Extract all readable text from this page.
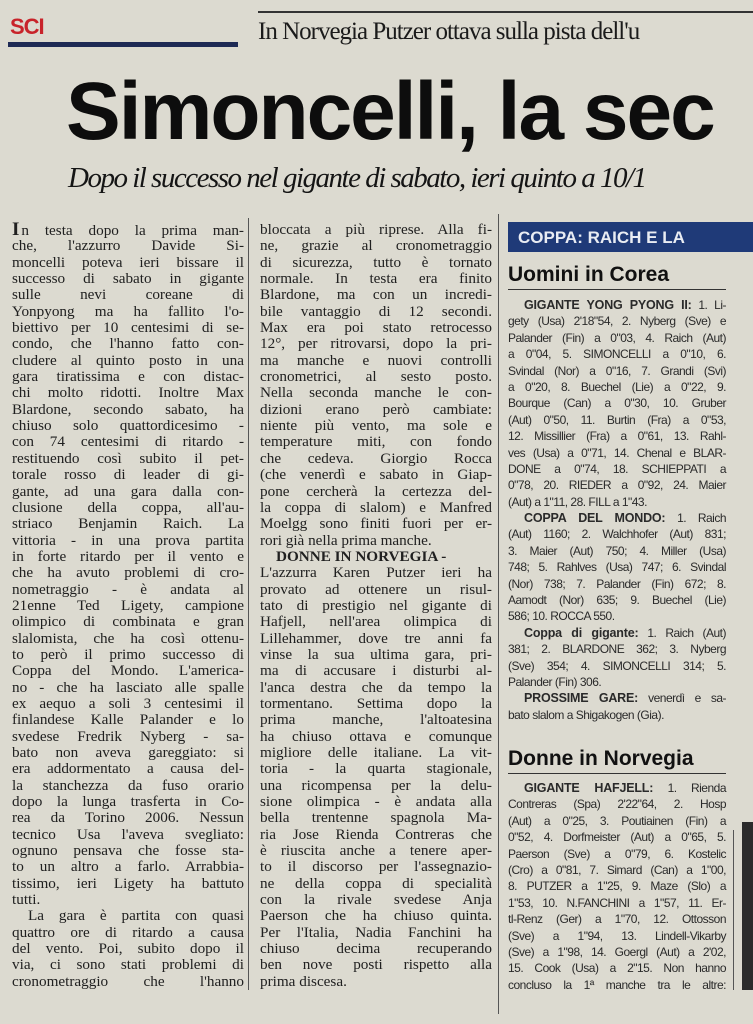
SCI	In Norvegia Putzer ottava sulla pista dell'u
Simoncelli, la sec
Dopo il successo nel gigante di sabato, ieri quinto a 10/1
I n testa dopo la prima man-
che, l'azzurro Davide Si-
moncelli poteva ieri bissare il
successo di sabato in gigante
sulle nevi coreane di
Yonpyong ma ha fallito l'o-
biettivo per 10 centesimi di se-
condo, che l'hanno fatto con-
cludere al quinto posto in una
gara tiratissima e con distac-
chi molto ridotti. Inoltre Max
Blardone, secondo sabato, ha
chiuso solo quattordicesimo -
con 74 centesimi di ritardo -
restituendo così subito il pet-
torale rosso di leader di gi-
gante, ad una gara dalla con-
clusione della coppa, all'au-
striaco Benjamin Raich. La
vittoria - in una prova partita
in forte ritardo per il vento e
che ha avuto problemi di cro-
nometraggio - è andata al
21enne Ted Ligety, campione
olimpico di combinata e gran
slalomista, che ha così ottenu-
to però il primo successo di
Coppa del Mondo. L'america-
no - che ha lasciato alle spalle
ex aequo a soli 3 centesimi il
finlandese Kalle Palander e lo
svedese Fredrik Nyberg - sa-
bato non aveva gareggiato: si
era addormentato a causa del-
la stanchezza da fuso orario
dopo la lunga trasferta in Co-
rea da Torino 2006. Nessun
tecnico Usa l'aveva svegliato:
ognuno pensava che fosse sta-
to un altro a farlo. Arrabbia-
tissimo, ieri Ligety ha battuto
tutti.
La gara è partita con quasi
quattro ore di ritardo a causa
del vento. Poi, subito dopo il
via, ci sono stati problemi di
cronometraggio che l'hanno
bloccata a più riprese. Alla fi-
ne, grazie al cronometraggio
di sicurezza, tutto è tornato
normale. In testa era finito
Blardone, ma con un incredi-
bile vantaggio di 12 secondi.
Max era poi stato retrocesso
12°, per ritrovarsi, dopo la pri-
ma manche e nuovi controlli
cronometrici, al sesto posto.
Nella seconda manche le con-
dizioni erano però cambiate:
niente più vento, ma sole e
temperature miti, con fondo
che cedeva. Giorgio Rocca
(che venerdì e sabato in Giap-
pone cercherà la certezza del-
la coppa di slalom) e Manfred
Moelgg sono finiti fuori per er-
rori già nella prima manche.
DONNE IN NORVEGIA -
L'azzurra Karen Putzer ieri ha
provato ad ottenere un risul-
tato di prestigio nel gigante di
Hafjell, nell'area olimpica di
Lillehammer, dove tre anni fa
vinse la sua ultima gara, pri-
ma di accusare i disturbi al-
l'anca destra che da tempo la
tormentano. Settima dopo la
prima manche, l'altoatesina
ha chiuso ottava e comunque
migliore delle italiane. La vit-
toria - la quarta stagionale,
una ricompensa per la delu-
sione olimpica - è andata alla
bella trentenne spagnola Ma-
ria Jose Rienda Contreras che
è riuscita anche a tenere aper-
to il discorso per l'assegnazio-
ne della coppa di specialità
con la rivale svedese Anja
Paerson che ha chiuso quinta.
Per l'Italia, Nadia Fanchini ha
chiuso decima recuperando
ben nove posti rispetto alla
prima discesa.
COPPA: RAICH E LA
Uomini in Corea
GIGANTE YONG PYONG II: 1. Li-
gety (Usa) 2'18"54, 2. Nyberg (Sve) e
Palander (Fin) a 0"03, 4. Raich (Aut)
a 0"04, 5. SIMONCELLI a 0"10, 6.
Svindal (Nor) a 0"16, 7. Grandi (Svi)
a 0"20, 8. Buechel (Lie) a 0"22, 9.
Bourque (Can) a 0"30, 10. Gruber
(Aut) 0"50, 11. Burtin (Fra) a 0"53,
12. Missillier (Fra) a 0"61, 13. Rahl-
ves (Usa) a 0"71, 14. Chenal e BLAR-
DONE a 0"74, 18. SCHIEPPATI a
0"78, 20. RIEDER a 0"92, 24. Maier
(Aut) a 1"11, 28. FILL a 1"43.
COPPA DEL MONDO: 1. Raich
(Aut) 1160; 2. Walchhofer (Aut) 831;
3. Maier (Aut) 750; 4. Miller (Usa)
748; 5. Rahlves (Usa) 747; 6. Svindal
(Nor) 738; 7. Palander (Fin) 672; 8.
Aamodt (Nor) 635; 9. Buechel (Lie)
586; 10. ROCCA 550.
Coppa di gigante: 1. Raich (Aut)
381; 2. BLARDONE 362; 3. Nyberg
(Sve) 354; 4. SIMONCELLI 314; 5.
Palander (Fin) 306.
PROSSIME GARE: venerdì e sa-
bato slalom a Shigakogen (Gia).
Donne in Norvegia
GIGANTE HAFJELL: 1. Rienda
Contreras (Spa) 2'22"64, 2. Hosp
(Aut) a 0"25, 3. Poutiainen (Fin) a
0"52, 4. Dorfmeister (Aut) a 0"65, 5.
Paerson (Sve) a 0"79, 6. Kostelic
(Cro) a 0"81, 7. Simard (Can) a 1"00,
8. PUTZER a 1"25, 9. Maze (Slo) a
1"53, 10. N.FANCHINI a 1"57, 11. Er-
tl-Renz (Ger) a 1"70, 12. Ottosson
(Sve) a 1"94, 13. Lindell-Vikarby
(Sve) a 1"98, 14. Goergl (Aut) a 2'02,
15. Cook (Usa) a 2"15. Non hanno
concluso la 1ª manche tra le altre:
